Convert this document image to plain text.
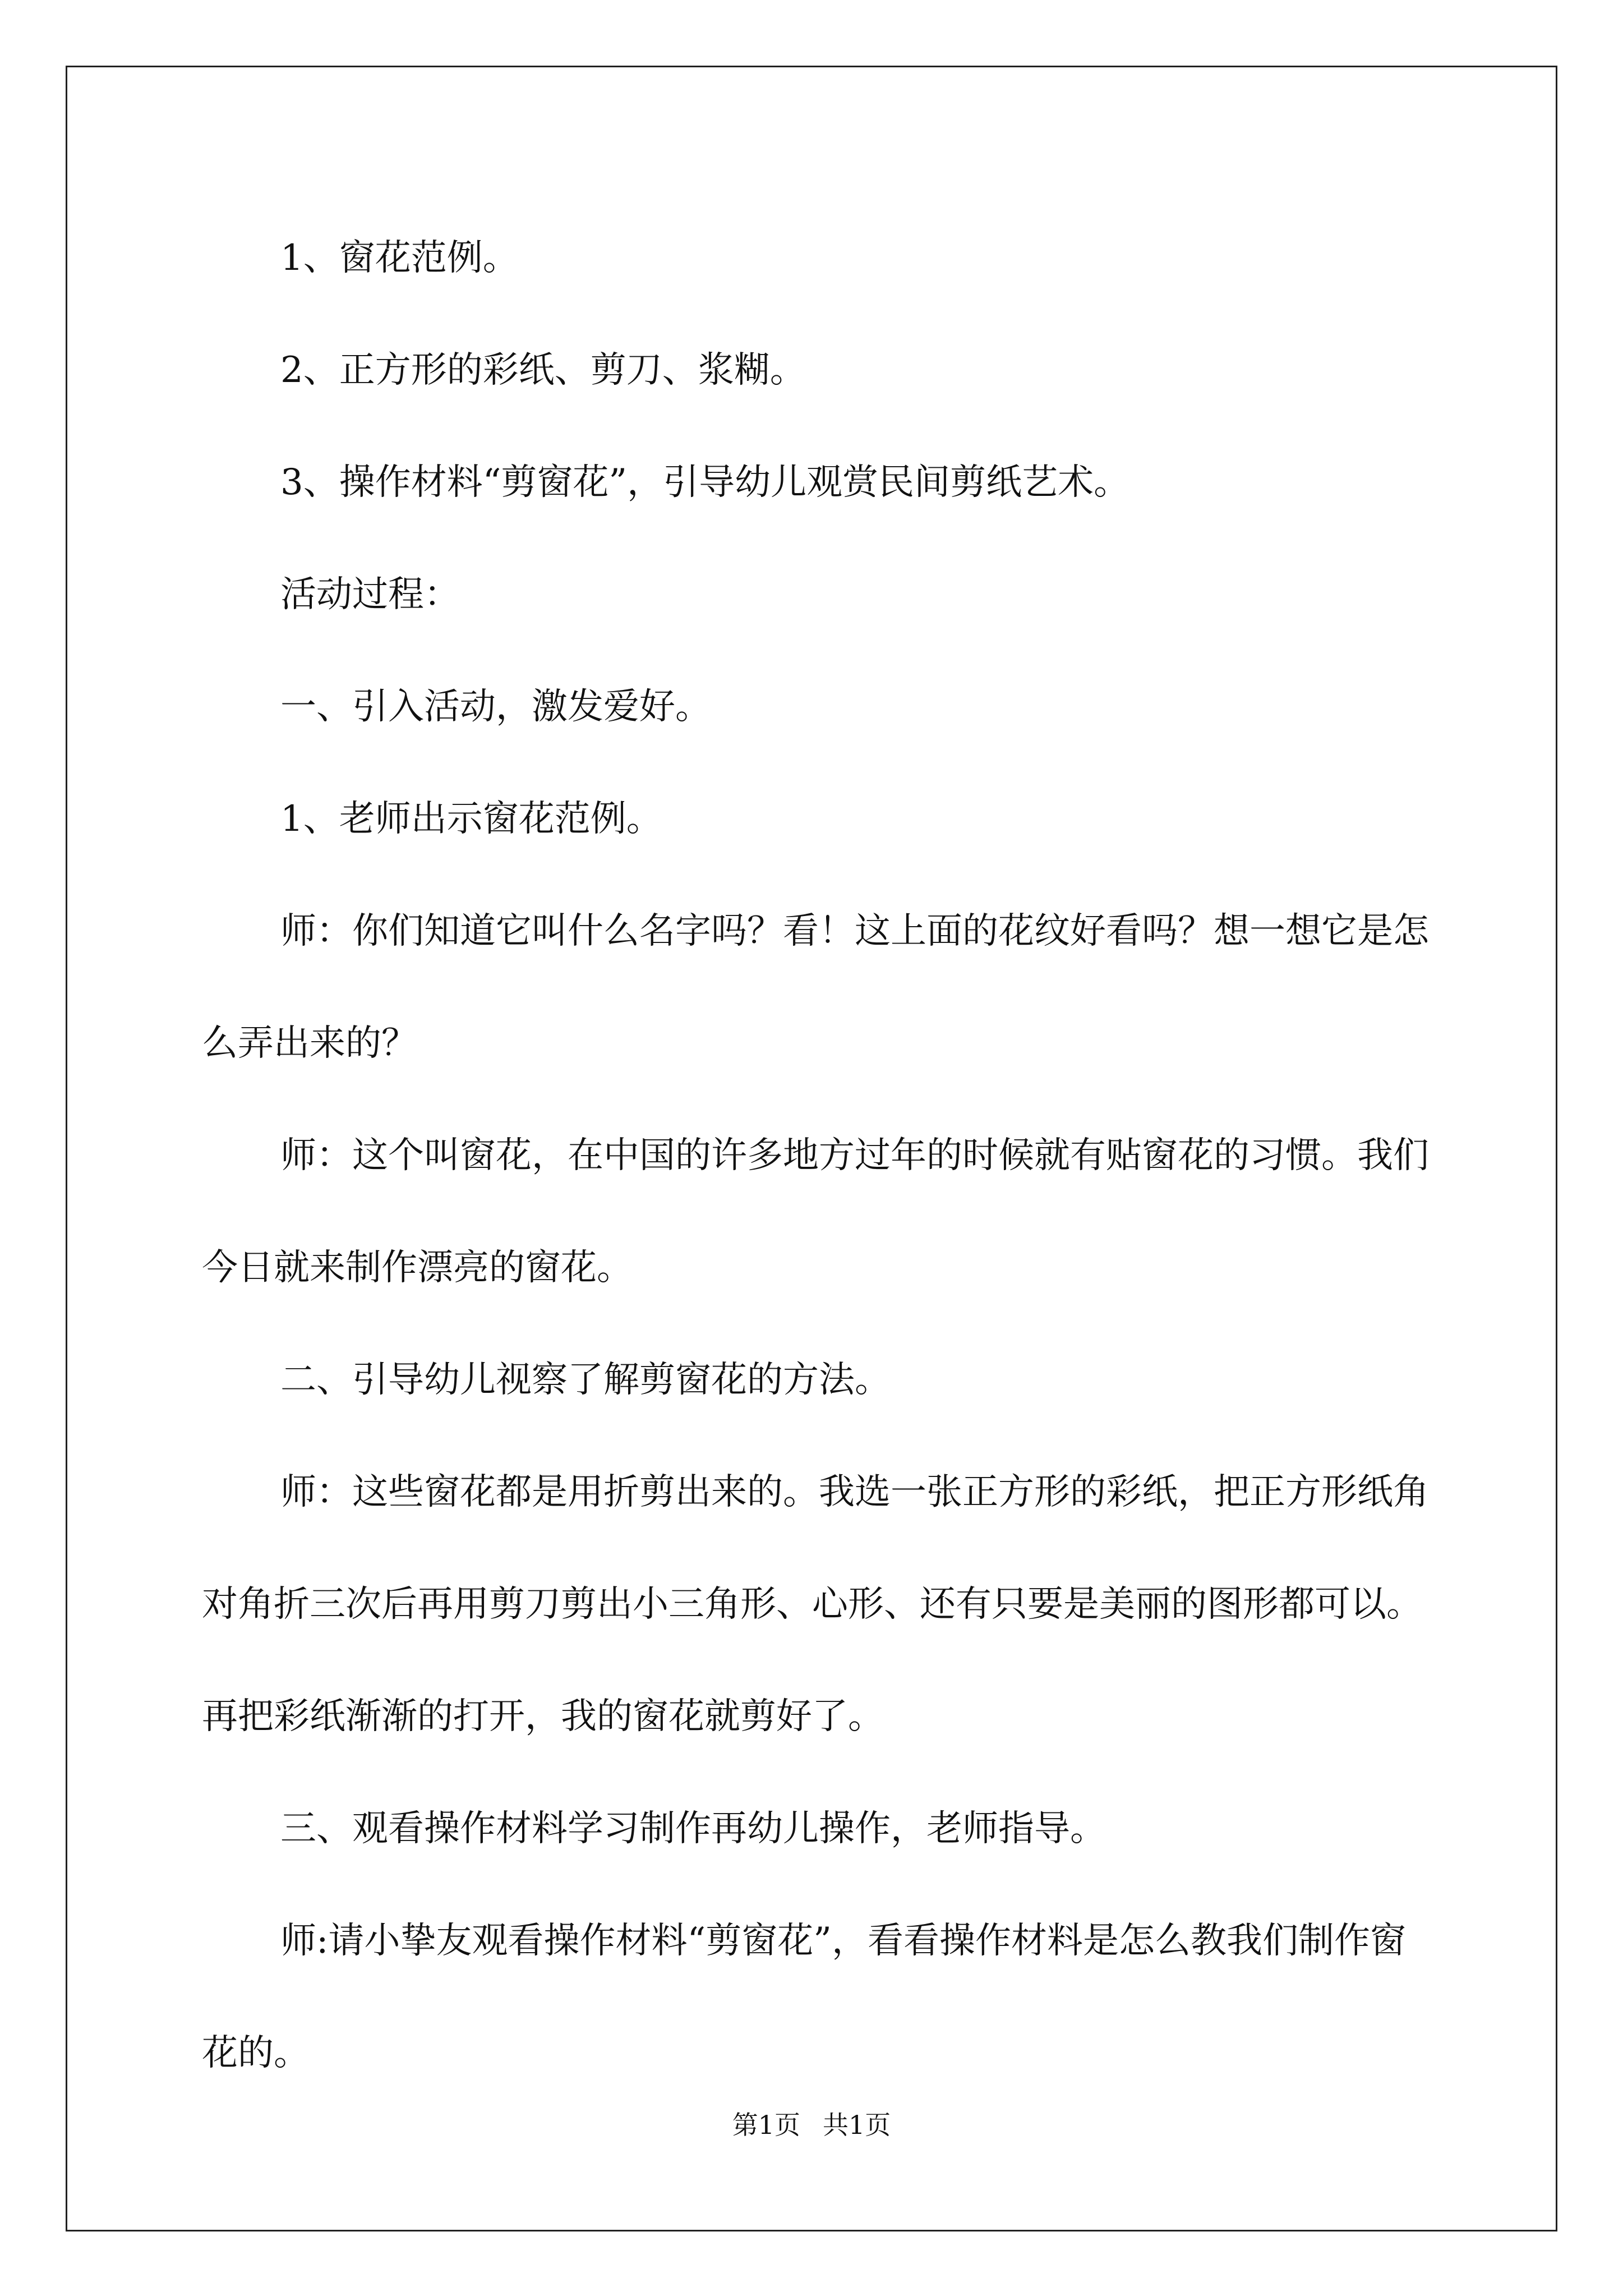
1、窗花范例。

2、正方形的彩纸、剪刀、浆糊。

3、操作材料“剪窗花”，引导幼儿观赏民间剪纸艺术。

活动过程：

一、引入活动，激发爱好。

1、老师出示窗花范例。

师：你们知道它叫什么名字吗？看！这上面的花纹好看吗？想一想它是怎么弄出来的？

师：这个叫窗花，在中国的许多地方过年的时候就有贴窗花的习惯。我们今日就来制作漂亮的窗花。

二、引导幼儿视察了解剪窗花的方法。

师：这些窗花都是用折剪出来的。我选一张正方形的彩纸，把正方形纸角对角折三次后再用剪刀剪出小三角形、心形、还有只要是美丽的图形都可以。再把彩纸渐渐的打开，我的窗花就剪好了。

三、观看操作材料学习制作再幼儿操作，老师指导。

师:请小挚友观看操作材料“剪窗花”，看看操作材料是怎么教我们制作窗花的。

第1页 共1页
